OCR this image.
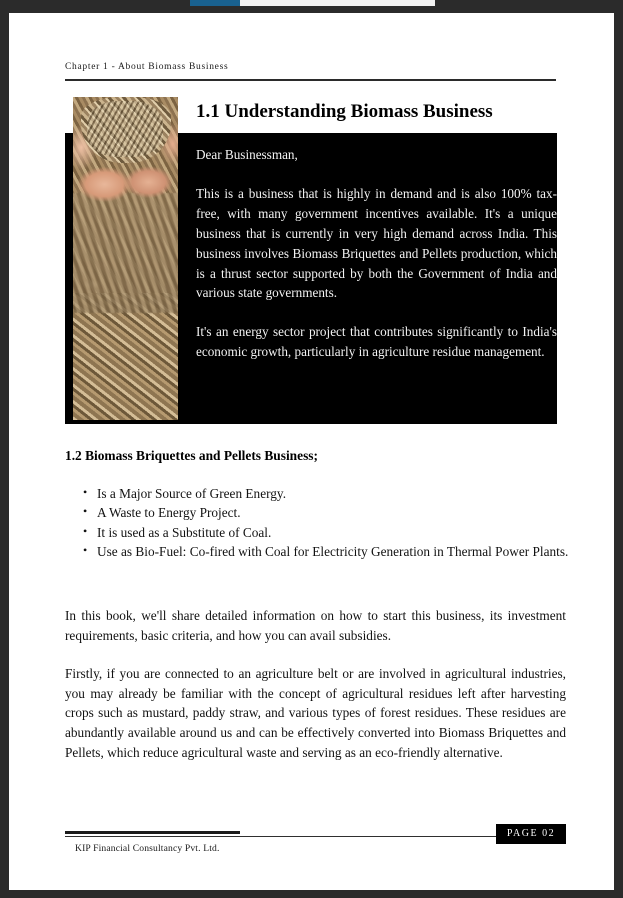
Chapter 1 - About Biomass Business
1.1 Understanding Biomass Business

Dear Businessman,

This is a business that is highly in demand and is also 100% tax-free, with many government incentives available. It's a unique business that is currently in very high demand across India. This business involves Biomass Briquettes and Pellets production, which is a thrust sector supported by both the Government of India and various state governments.

It's an energy sector project that contributes significantly to India's economic growth, particularly in agriculture residue management.

1.2 Biomass Briquettes and Pellets Business;
• Is a Major Source of Green Energy.
• A Waste to Energy Project.
• It is used as a Substitute of Coal.
• Use as Bio-Fuel: Co-fired with Coal for Electricity Generation in Thermal Power Plants.

In this book, we'll share detailed information on how to start this business, its investment requirements, basic criteria, and how you can avail subsidies.

Firstly, if you are connected to an agriculture belt or are involved in agricultural industries, you may already be familiar with the concept of agricultural residues left after harvesting crops such as mustard, paddy straw, and various types of forest residues. These residues are abundantly available around us and can be effectively converted into Biomass Briquettes and Pellets, which reduce agricultural waste and serving as an eco-friendly alternative.

PAGE 02
KIP Financial Consultancy Pvt. Ltd.
